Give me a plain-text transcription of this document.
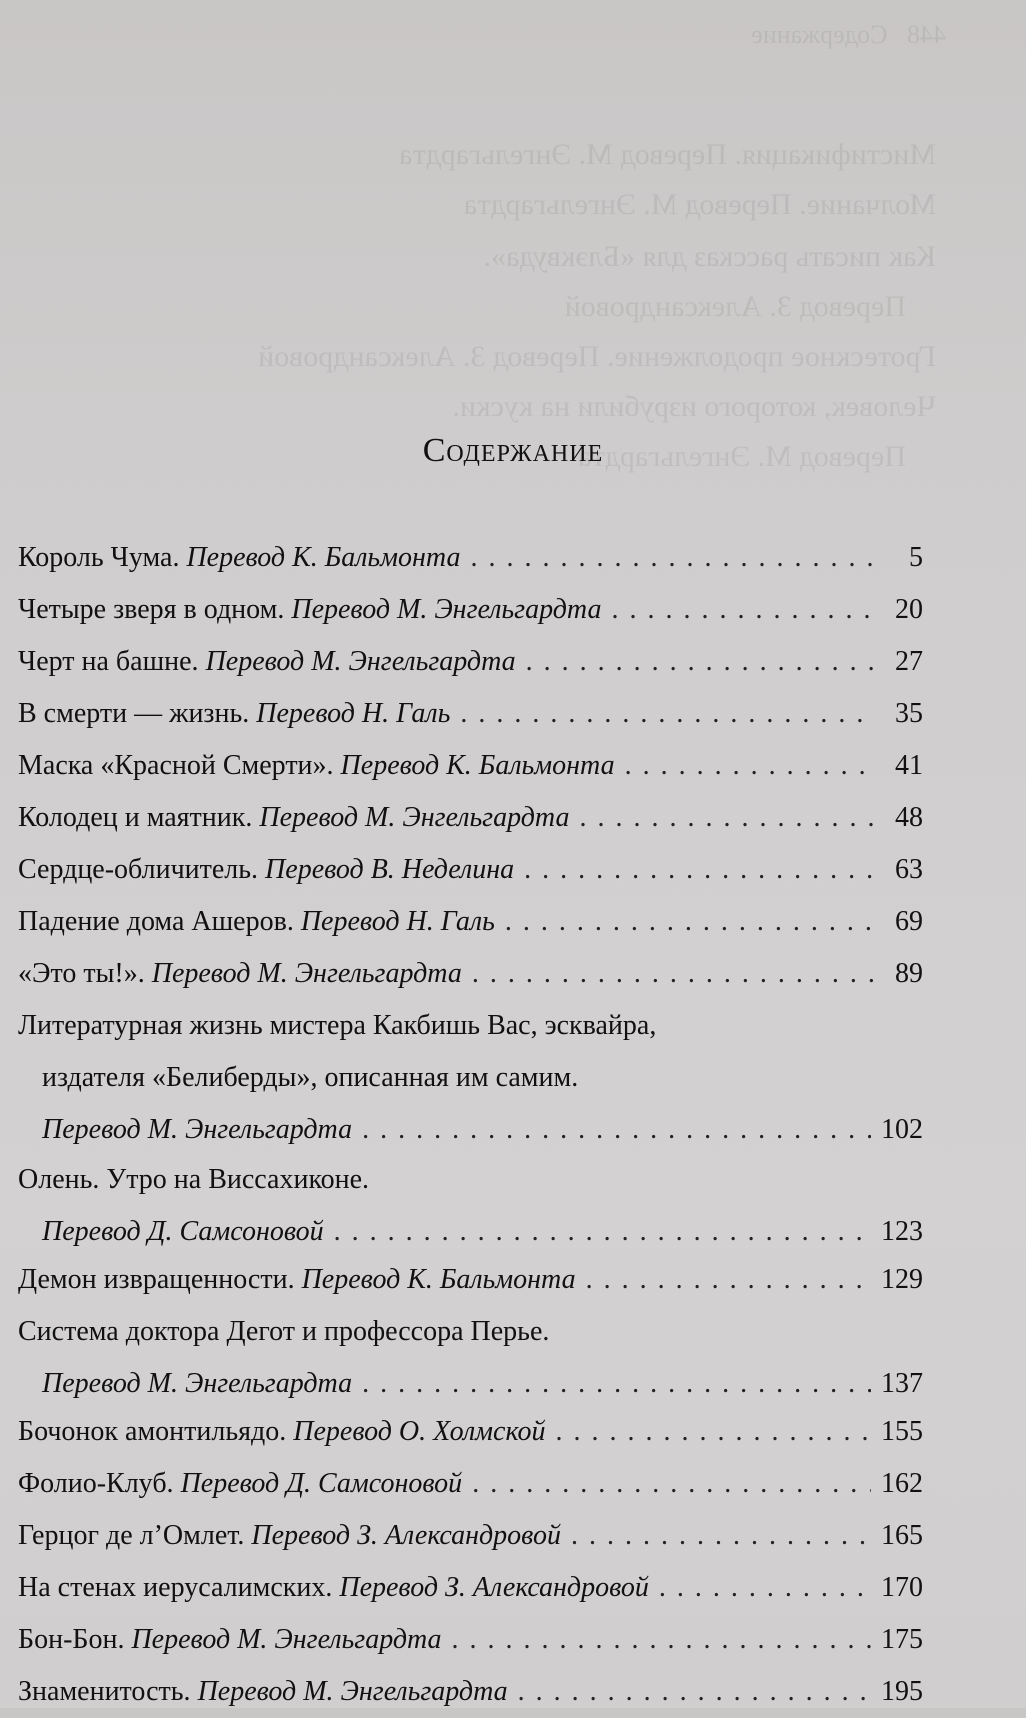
448   Содержание
Мистификация. Перевод М. Энгельгардта
Молчание. Перевод М. Энгельгардта
Как писать рассказ для «Блэквуда».
Перевод З. Александровой
Гротескное продолжение. Перевод З. Александровой
Человек, которого изрубили на куски.
Перевод М. Энгельгардта
Содержание
Король Чума. Перевод К. Бальмонта . . .	5
Четыре зверя в одном. Перевод М. Энгельгардта . . .	20
Черт на башне. Перевод М. Энгельгардта . . .	27
В смерти — жизнь. Перевод Н. Галь . . .	35
Маска «Красной Смерти». Перевод К. Бальмонта . . .	41
Колодец и маятник. Перевод М. Энгельгардта . . .	48
Сердце-обличитель. Перевод В. Неделина . . .	63
Падение дома Ашеров. Перевод Н. Галь . . .	69
«Это ты!». Перевод М. Энгельгардта . . .	89
Литературная жизнь мистера Какбишь Вас, эсквайра,
издателя «Белиберды», описанная им самим.
Перевод М. Энгельгардта . . .	102
Олень. Утро на Виссахиконе.
Перевод Д. Самсоновой . . .	123
Демон извращенности. Перевод К. Бальмонта . . .	129
Система доктора Дегот и профессора Перье.
Перевод М. Энгельгардта . . .	137
Бочонок амонтильядо. Перевод О. Холмской . . .	155
Фолио-Клуб. Перевод Д. Самсоновой . . .	162
Герцог де л’Омлет. Перевод З. Александровой . . .	165
На стенах иерусалимских. Перевод З. Александровой . . .	170
Бон-Бон. Перевод М. Энгельгардта . . .	175
Знаменитость. Перевод М. Энгельгардта . . .	195
